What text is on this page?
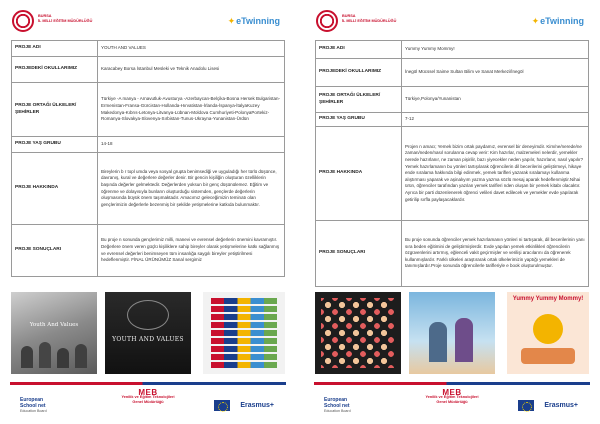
BURSA
İL MİLLİ EĞİTİM MÜDÜRLÜĞÜ	✦eTwinning
PROJE ADI	YOUTH AND VALUES
PROJEDEKİ OKULLARIMIZ	Karacabey Borsa İstanbul Mesleki ve Teknik Anadolu Lisesi
PROJE ORTAĞI ÜLKELER/ŞEHİRLER	Türkiye -A manya - Arnavutluk-Avusturya -Azerbaycan-Belçika-Bosna Hersek Bulgaristan- Ermenistan-Fransa-Gürcistan-Hollanda-Hırvatistan-İrlanda-İspanya-İtalyaKuzey Makedonya-Kıbrıs-Letonya-Litvanya-Lübnan-Moldova Cumhuriyeti-PolonyaPortekiz-Romanya-Slovakya-Slovenya-Sırbistan-Tunus-Ukrayna-Yunanistan-Ürdün
PROJE YAŞ GRUBU	14-18
PROJE HAKKINDA	Bireylerin b r topl umda veya sosyal grupta benimsediği ve uyguladığı her türlü düşünce, davranış, kural ve değerlere değerler denir. Bir gencin kişiliğin oluşturan özelliklerin başında değerler gelmektedir. Değerlerden yoksun bir genç düşünülemez. Eğitim ve öğrenme ve dolayısıyla bunların oluşturduğu sistemden, gençlerde değerlerin oluşmasında büyük önem taşımaktadır. Amacımız geleceğimizin teminatı olan gençlerimizin değerlerle bezenmiş bir şekilde yetişmelerine katkıda bulunmaktır.
PROJE SONUÇLARI	Bu proje n sonunda gençlerimiz milli, manevi ve evrensel değerlerin önemini kavramıştır. Değerlere önem veren güçlü kişiliklere sahip bireyler olarak yetişmelerine katkı sağlanmış ve evrensel değerleri benimseyen tüm insanlığa saygılı bireyler yetiştirilmesi hedeflenmiştir. FİNAL ÜRÜNÜMÜZ Sanal sergimiz
Youth And Values
YOUTH AND VALUES
European
School net
Education Board
MEB
Yenilik ve Eğitim Teknolojileri
Genel Müdürlüğü	Erasmus+
BURSA
İL MİLLİ EĞİTİM MÜDÜRLÜĞÜ	✦eTwinning
PROJE ADI	Yummy Yummy Mommy!
PROJEDEKİ OKULLARIMIZ	İnegöl Mücssel Saime Sultan Bilim ve Sanat Merkezi/İnegöl
PROJE ORTAĞI ÜLKELER/ŞEHİRLER	Türkiye,Polonya/Yunanistan
PROJE YAŞ GRUBU	7-12
PROJE HAKKINDA	Projen n amacı; Yemek bizim ortak paydamız, evrensel bir deneyimdir. Kim/ne/nerede/ne zaman/neden/nasıl sorularına cevap verir: Kim hazırlar, malzemeleri nelerdir, yemekler nerede hazırlanır, ne zaman pişirilir, bazı yiyecekler neden yapılır, hazırlanır, nasıl yapılır? Yemek hazırlamanın bu yönleri tartışılarak öğrencilerin dil becerilerini geliştirmeyi, hikaye ende sıralama hakkında bilgi edinmek, yemek tarifleri yazarak sıralamayı kullanma alıştırması yaparak ve aşinalıyım yazma yazma sözlü mesaj aparak hedeflenmiştir.Nihai ürün, öğrenciler tarafından yazılan yemek tarifleri nden oluşan bir yemek kitabı olacaktır. Ayrıca bir parti düzenlenerek öğrenci velileri davet edilecek ve yemekler evde yapılarak getirilip sırfla paylaşacaklardır.
PROJE SONUÇLARI	Bu proje sonunda öğrenciler yemek hazırlamanın yönleri ni tartışarak, dil becerilerinin yanı sıra beden eğitimini de geliştirmişlerdir. Evde yapılan yemek etkinlikleri öğrencilerin özgüvenlerini artırmış, eğlenceli vakit geçirmişler ve verilişi aracılarını da öğrenerek kullanmışlardır. Farklı ülkeleri araştırarak ortak ülkelerimizin yaptığı yemekleri de tanımışlardır.Proje sonunda öğrencilerle tarifleriyle e book oluşturulmuştur.
Yummy Yummy Mommy!
European
School net
Education Board
MEB
Yenilik ve Eğitim Teknolojileri
Genel Müdürlüğü	Erasmus+
